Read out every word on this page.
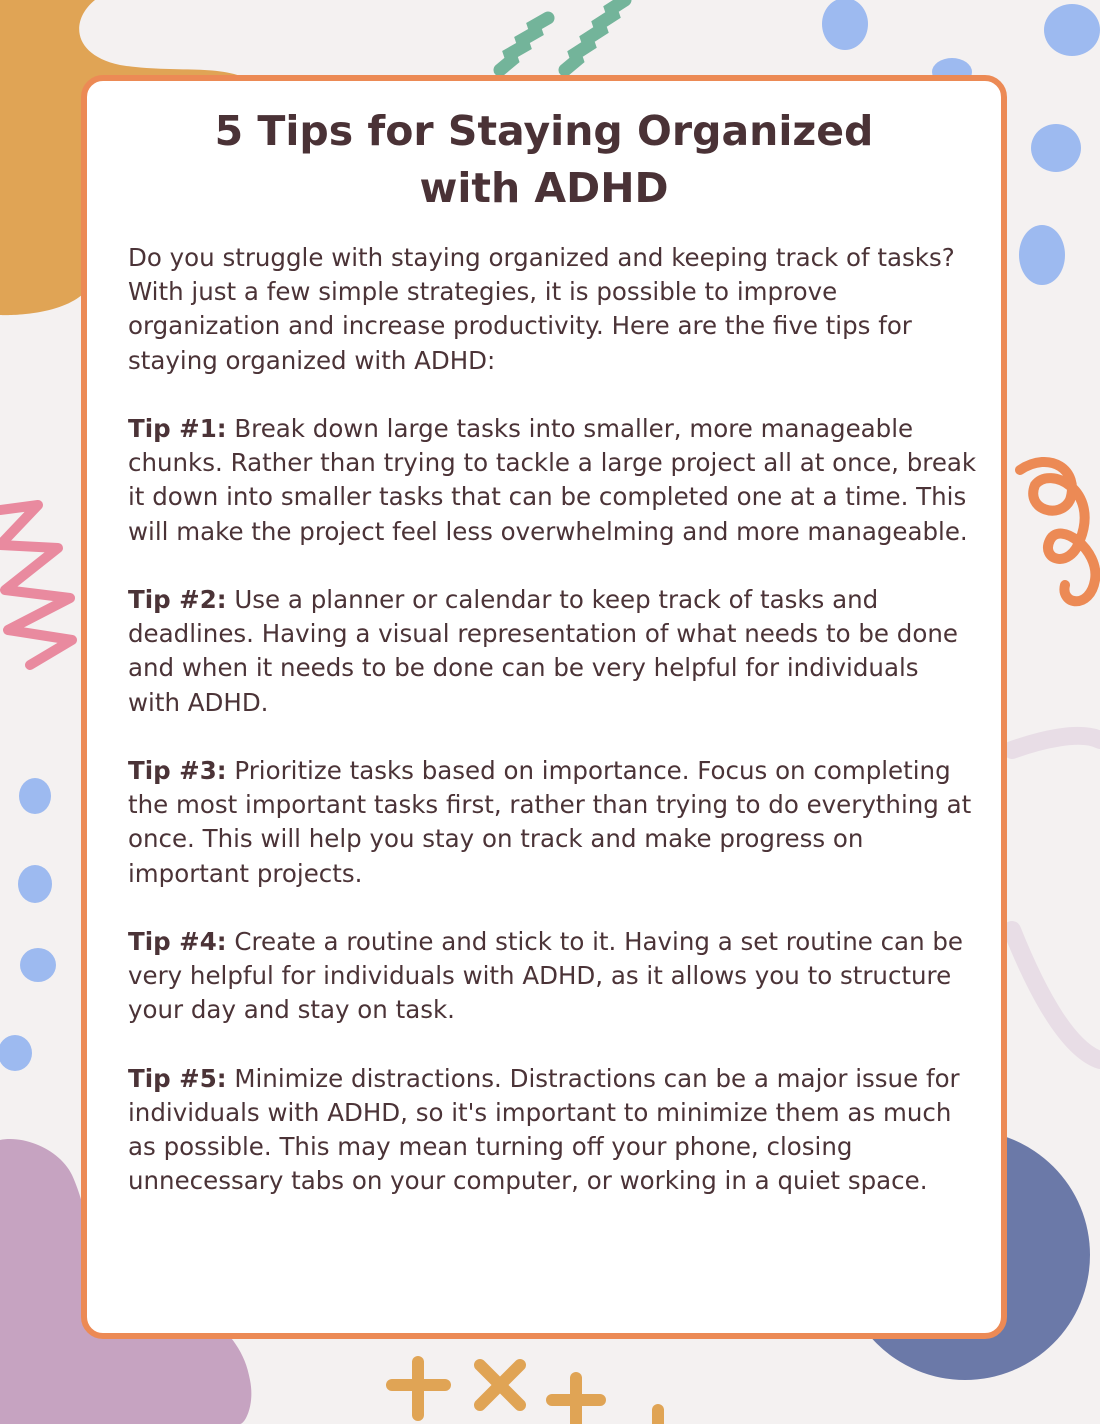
5 Tips for Staying Organized
with ADHD

Do you struggle with staying organized and keeping track of tasks? With just a few simple strategies, it is possible to improve organization and increase productivity. Here are the five tips for staying organized with ADHD:

Tip #1: Break down large tasks into smaller, more manageable chunks. Rather than trying to tackle a large project all at once, break it down into smaller tasks that can be completed one at a time. This will make the project feel less overwhelming and more manageable.

Tip #2: Use a planner or calendar to keep track of tasks and deadlines. Having a visual representation of what needs to be done and when it needs to be done can be very helpful for individuals with ADHD.

Tip #3: Prioritize tasks based on importance. Focus on completing the most important tasks first, rather than trying to do everything at once. This will help you stay on track and make progress on important projects.

Tip #4: Create a routine and stick to it. Having a set routine can be very helpful for individuals with ADHD, as it allows you to structure your day and stay on task.

Tip #5: Minimize distractions. Distractions can be a major issue for individuals with ADHD, so it's important to minimize them as much as possible. This may mean turning off your phone, closing unnecessary tabs on your computer, or working in a quiet space.
